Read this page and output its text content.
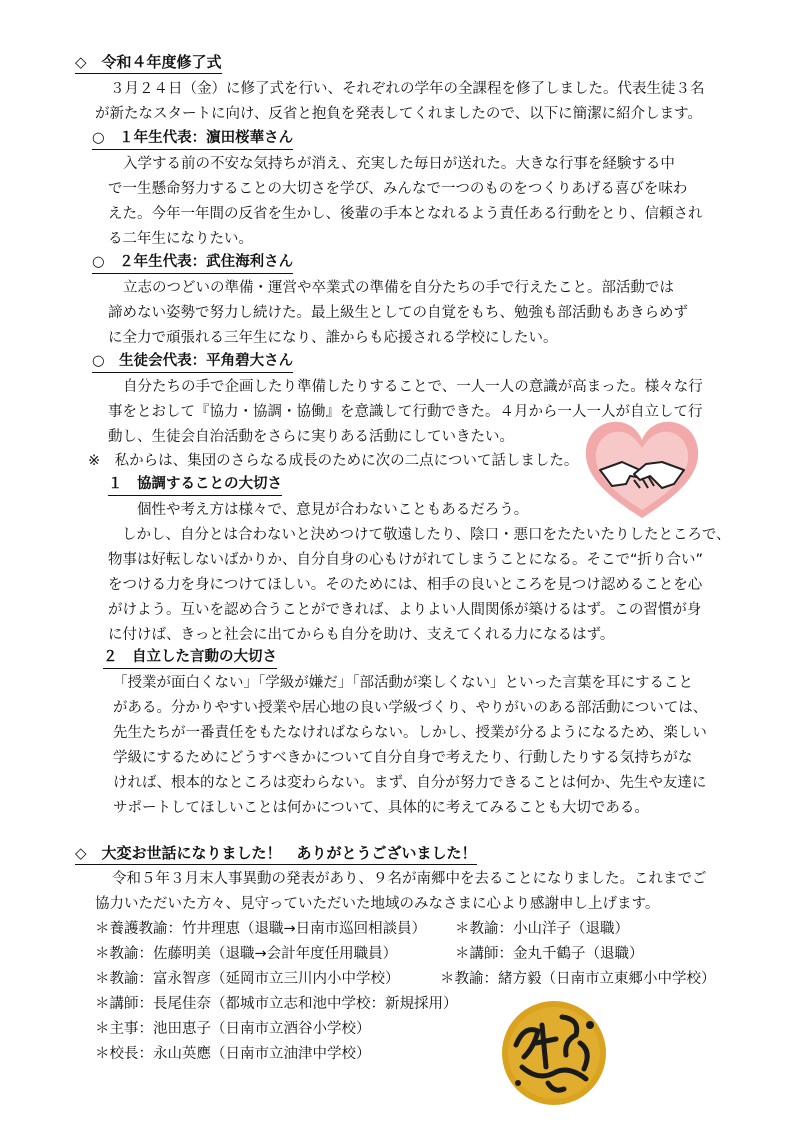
◇　令和４年度修了式
３月２４日（金）に修了式を行い、それぞれの学年の全課程を修了しました。代表生徒３名
が新たなスタートに向け、反省と抱負を発表してくれましたので、以下に簡潔に紹介します。
○　１年生代表：濵田桜華さん
入学する前の不安な気持ちが消え、充実した毎日が送れた。大きな行事を経験する中
で一生懸命努力することの大切さを学び、みんなで一つのものをつくりあげる喜びを味わ
えた。今年一年間の反省を生かし、後輩の手本となれるよう責任ある行動をとり、信頼され
る二年生になりたい。
○　２年生代表：武住海利さん
立志のつどいの準備・運営や卒業式の準備を自分たちの手で行えたこと。部活動では
諦めない姿勢で努力し続けた。最上級生としての自覚をもち、勉強も部活動もあきらめず
に全力で頑張れる三年生になり、誰からも応援される学校にしたい。
○　生徒会代表：平角碧大さん
自分たちの手で企画したり準備したりすることで、一人一人の意識が高まった。様々な行
事をとおして『協力・協調・協働』を意識して行動できた。４月から一人一人が自立して行
動し、生徒会自治活動をさらに実りある活動にしていきたい。
※　私からは、集団のさらなる成長のために次の二点について話しました。
１　協調することの大切さ
個性や考え方は様々で、意見が合わないこともあるだろう。
しかし、自分とは合わないと決めつけて敬遠したり、陰口・悪口をたたいたりしたところで、
物事は好転しないばかりか、自分自身の心もけがれてしまうことになる。そこで“折り合い”
をつける力を身につけてほしい。そのためには、相手の良いところを見つけ認めることを心
がけよう。互いを認め合うことができれば、よりよい人間関係が築けるはず。この習慣が身
に付けば、きっと社会に出てからも自分を助け、支えてくれる力になるはず。
２　自立した言動の大切さ
「授業が面白くない」「学級が嫌だ」「部活動が楽しくない」といった言葉を耳にすること
がある。分かりやすい授業や居心地の良い学級づくり、やりがいのある部活動については、
先生たちが一番責任をもたなければならない。しかし、授業が分るようになるため、楽しい
学級にするためにどうすべきかについて自分自身で考えたり、行動したりする気持ちがな
ければ、根本的なところは変わらない。まず、自分が努力できることは何か、先生や友達に
サポートしてほしいことは何かについて、具体的に考えてみることも大切である。
◇　大変お世話になりました！　ありがとうございました！
令和５年３月末人事異動の発表があり、９名が南郷中を去ることになりました。これまでご
協力いただいた方々、見守っていただいた地域のみなさまに心より感謝申し上げます。
＊養護教諭：竹井理恵（退職→日南市巡回相談員） ＊教諭：小山洋子（退職）
＊教諭：佐藤明美（退職→会計年度任用職員）	＊講師：金丸千鶴子（退職）
＊教諭：富永智彦（延岡市立三川内小中学校）	＊教諭：緒方毅（日南市立東郷小中学校）
＊講師：長尾佳奈（都城市立志和池中学校：新規採用）
＊主事：池田恵子（日南市立酒谷小学校）
＊校長：永山英應（日南市立油津中学校）
